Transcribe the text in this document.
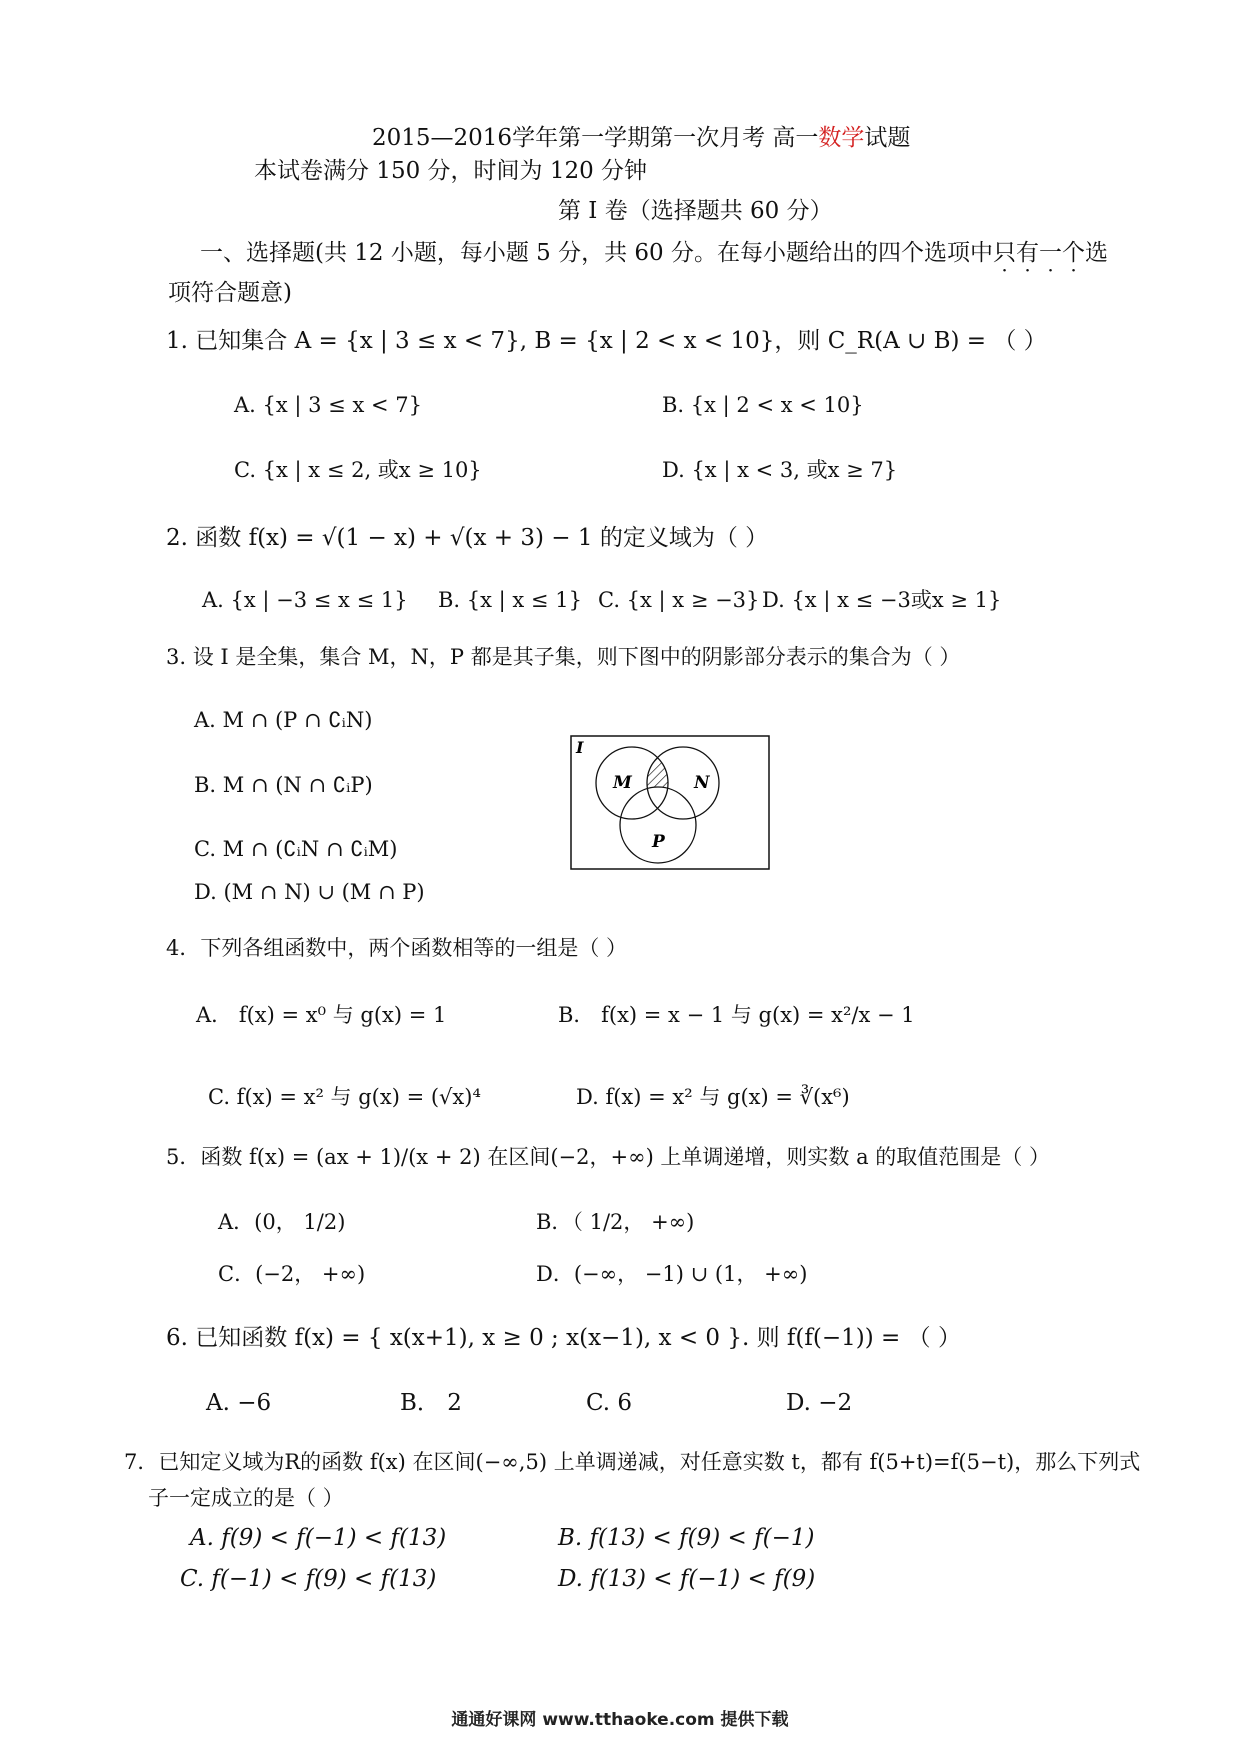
2015—2016学年第一学期第一次月考 高一数学试题
本试卷满分 150 分，时间为 120 分钟
第 I 卷（选择题共 60 分）
一、选择题(共 12 小题，每小题 5 分，共 60 分。在每小题给出的四个选项中只有一个选
项符合题意)
1. 已知集合 A = {x | 3 ≤ x < 7}, B = {x | 2 < x < 10}，则 C_R(A ∪ B) = （ ）
A. {x | 3 ≤ x < 7}	B. {x | 2 < x < 10}
C. {x | x ≤ 2, 或x ≥ 10}	D. {x | x < 3, 或x ≥ 7}
2. 函数 f(x) = √(1 − x) + √(x + 3) − 1 的定义域为（ ）
A. {x | −3 ≤ x ≤ 1} B. {x | x ≤ 1} C. {x | x ≥ −3} D. {x | x ≤ −3或x ≥ 1}
3. 设 I 是全集，集合 M，N，P 都是其子集，则下图中的阴影部分表示的集合为（ ）
A. M ∩ (P ∩ ∁ᵢN)
B. M ∩ (N ∩ ∁ᵢP)
C. M ∩ (∁ᵢN ∩ ∁ᵢM)
D. (M ∩ N) ∪ (M ∩ P)
I
M	N
P
4．下列各组函数中，两个函数相等的一组是（ ）
A． f(x) = x⁰ 与 g(x) = 1	B． f(x) = x − 1 与 g(x) = x²/x − 1
C. f(x) = x² 与 g(x) = (√x)⁴	D. f(x) = x² 与 g(x) = ∛(x⁶)
5．函数 f(x) = (ax + 1)/(x + 2) 在区间(−2，+∞) 上单调递增，则实数 a 的取值范围是（ ）
A．(0， 1/2)	B．（ 1/2， +∞)
C．(−2， +∞)	D．(−∞， −1) ∪ (1， +∞)
6. 已知函数 f(x) = { x(x+1), x ≥ 0 ; x(x−1), x < 0 }. 则 f(f(−1)) = （ ）
A. −6	B． 2	C. 6	D. −2
7．已知定义域为R的函数 f(x) 在区间(−∞,5) 上单调递减，对任意实数 t，都有 f(5+t)=f(5−t)，那么下列式
子一定成立的是（ ）
A. f(9) < f(−1) < f(13)	B. f(13) < f(9) < f(−1)
C. f(−1) < f(9) < f(13)	D. f(13) < f(−1) < f(9)
通通好课网 www.tthaoke.com 提供下载
